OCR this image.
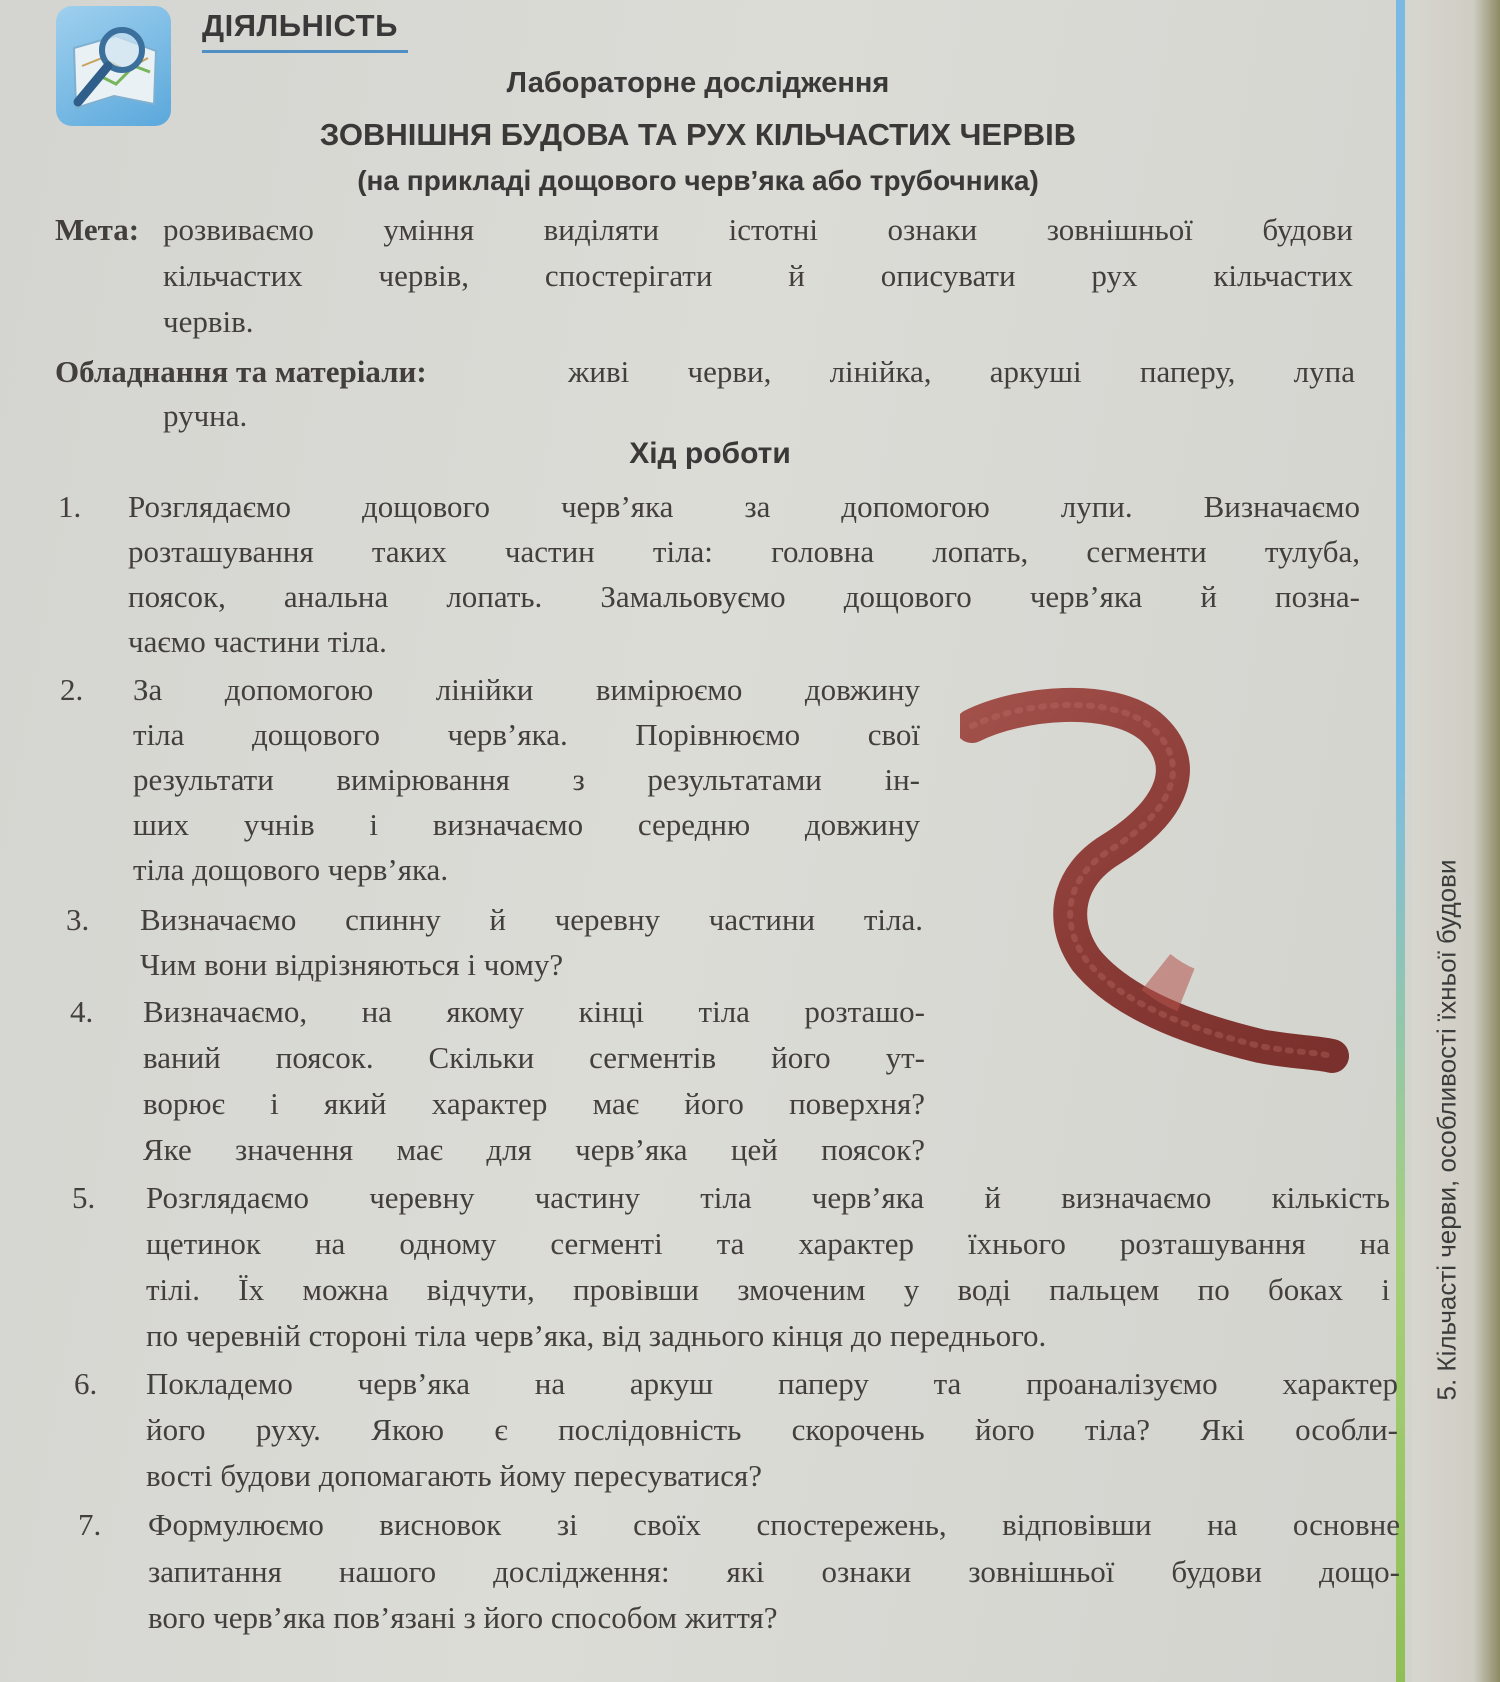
5. Кільчасті черви, особливості їхньої будови
ДІЯЛЬНІСТЬ
Лабораторне дослідження
ЗОВНІШНЯ БУДОВА ТА РУХ КІЛЬЧАСТИХ ЧЕРВІВ
(на прикладі дощового черв’яка або трубочника)
Мета: розвиваємо уміння виділяти істотні ознаки зовнішньої будови
кільчастих червів, спостерігати й описувати рух кільчастих
червів.
Обладнання та матеріали:	живі черви, лінійка, аркуші паперу, лупа
ручна.
Хід роботи
1. Розглядаємо дощового черв’яка за допомогою лупи. Визначаємо
розташування таких частин тіла: головна лопать, сегменти тулуба,
поясок, анальна лопать. Замальовуємо дощового черв’яка й позна-
чаємо частини тіла.
2. За допомогою лінійки вимірюємо довжину
тіла дощового черв’яка. Порівнюємо свої
результати вимірювання з результатами ін-
ших учнів і визначаємо середню довжину
тіла дощового черв’яка.
3. Визначаємо спинну й черевну частини тіла.
Чим вони відрізняються і чому?
4. Визначаємо, на якому кінці тіла розташо-
ваний поясок. Скільки сегментів його ут-
ворює і який характер має його поверхня?
Яке значення має для черв’яка цей поясок?
5. Розглядаємо черевну частину тіла черв’яка й визначаємо кількість
щетинок на одному сегменті та характер їхнього розташування на
тілі. Їх можна відчути, провівши змоченим у воді пальцем по боках і
по черевній стороні тіла черв’яка, від заднього кінця до переднього.
6. Покладемо черв’яка на аркуш паперу та проаналізуємо характер
його руху. Якою є послідовність скорочень його тіла? Які особли-
вості будови допомагають йому пересуватися?
7. Формулюємо висновок зі своїх спостережень, відповівши на основне
запитання нашого дослідження: які ознаки зовнішньої будови дощо-
вого черв’яка пов’язані з його способом життя?
